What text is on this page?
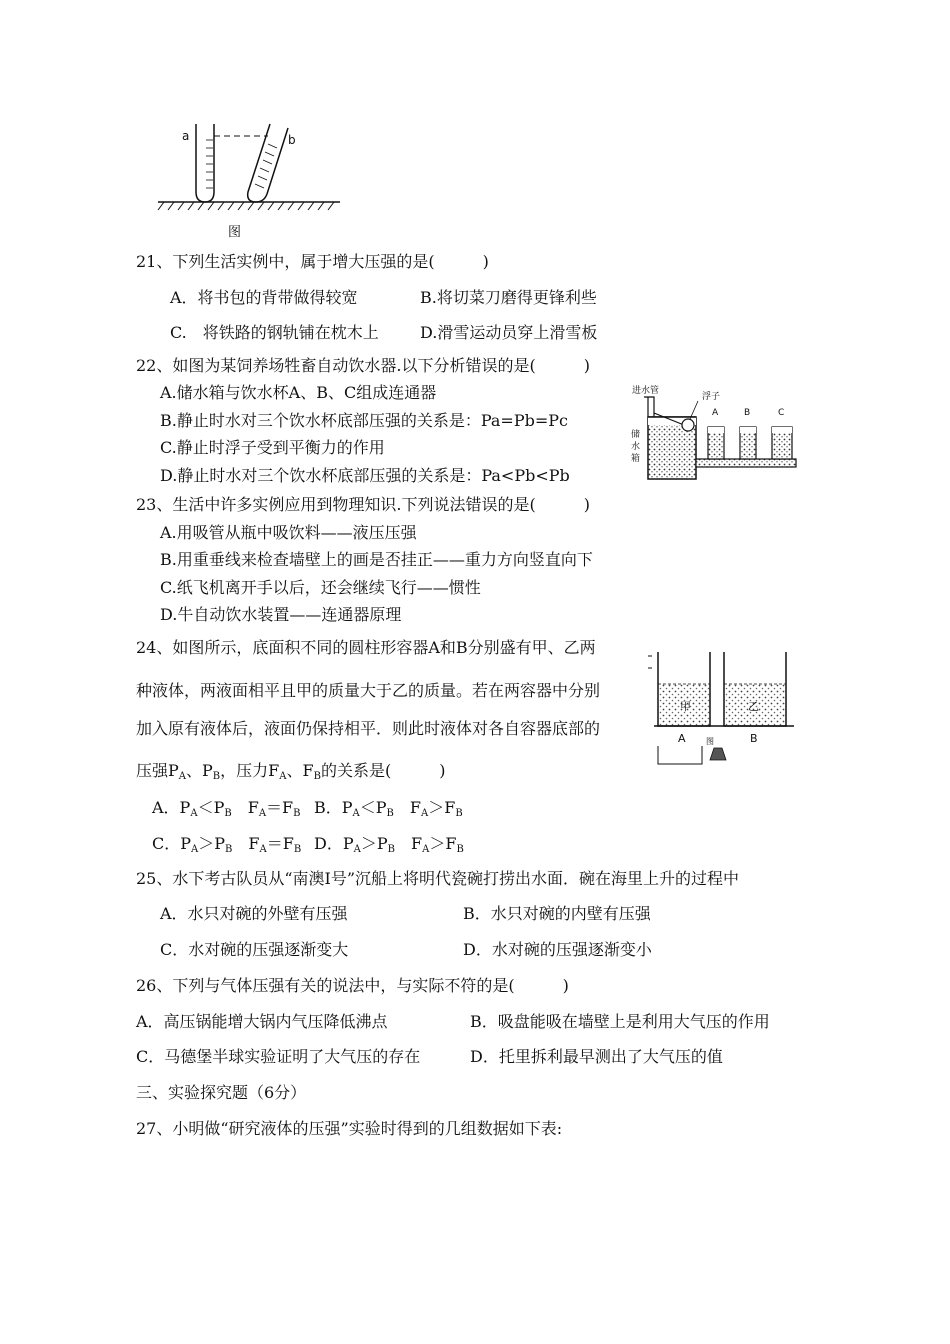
a	b
图
21、下列生活实例中，属于增大压强的是(　　　)
A．将书包的背带做得较宽	B.将切菜刀磨得更锋利些
C.　将铁路的钢轨铺在枕木上	D.滑雪运动员穿上滑雪板
22、如图为某饲养场牲畜自动饮水器.以下分析错误的是(　　　)
A.储水箱与饮水杯A、B、C组成连通器
B.静止时水对三个饮水杯底部压强的关系是：Pa=Pb=Pc
C.静止时浮子受到平衡力的作用
D.静止时水对三个饮水杯底部压强的关系是：Pa<Pb<Pb
进水管
浮子
A	B	C
储
水
箱
23、生活中许多实例应用到物理知识.下列说法错误的是(　　　)
A.用吸管从瓶中吸饮料——液压压强
B.用重垂线来检查墙壁上的画是否挂正——重力方向竖直向下
C.纸飞机离开手以后，还会继续飞行——惯性
D.牛自动饮水装置——连通器原理
24、如图所示，底面积不同的圆柱形容器A和B分别盛有甲、乙两
种液体，两液面相平且甲的质量大于乙的质量。若在两容器中分别
加入原有液体后，液面仍保持相平．则此时液体对各自容器底部的
压强$P_A$、$P_B$，压力$F_A$、$F_B$的关系是(　　　)
A．$P_A<P_B$　$F_A=F_B$ B．$P_A<P_B$　$F_A>F_B$
C．$P_A>P_B$　$F_A=F_B$ D．$P_A>P_B$　$F_A>F_B$
甲	乙
A	B
图
25、水下考古队员从“南澳Ⅰ号”沉船上将明代瓷碗打捞出水面．碗在海里上升的过程中
A．水只对碗的外壁有压强	B．水只对碗的内壁有压强
C．水对碗的压强逐渐变大	D．水对碗的压强逐渐变小
26、下列与气体压强有关的说法中，与实际不符的是(　　　)
A．高压锅能增大锅内气压降低沸点	B．吸盘能吸在墙壁上是利用大气压的作用
C．马德堡半球实验证明了大气压的存在	D．托里拆利最早测出了大气压的值
三、实验探究题（6分）
27、小明做“研究液体的压强”实验时得到的几组数据如下表:
